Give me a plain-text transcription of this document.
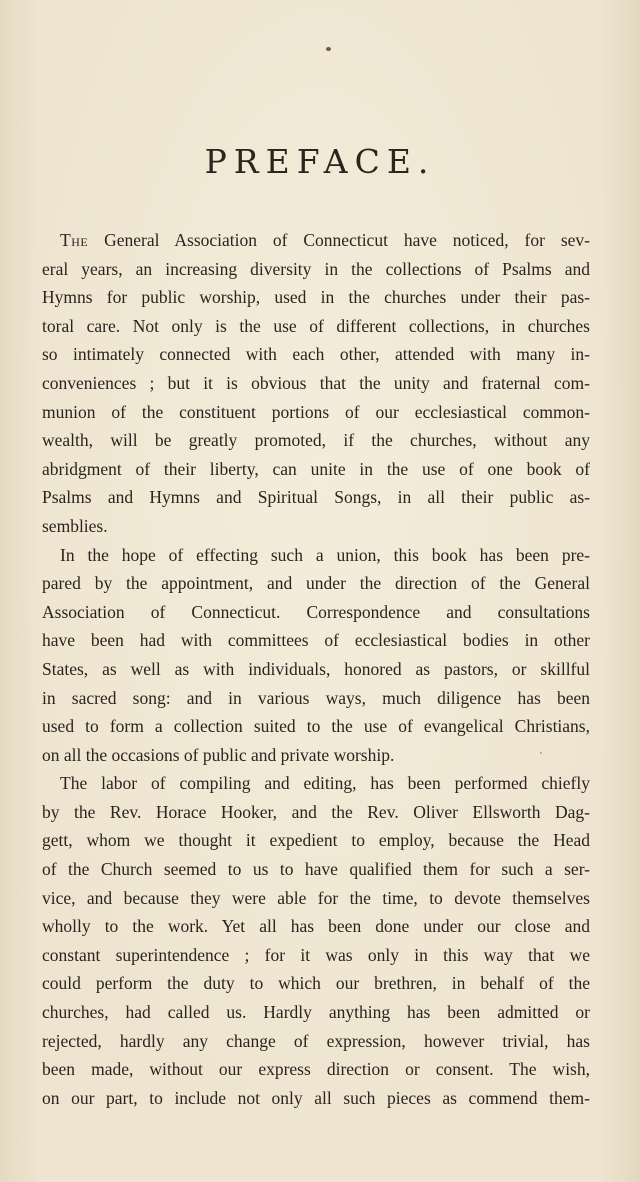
PREFACE.
The General Association of Connecticut have noticed, for sev-
eral years, an increasing diversity in the collections of Psalms and
Hymns for public worship, used in the churches under their pas-
toral care. Not only is the use of different collections, in churches
so intimately connected with each other, attended with many in-
conveniences ; but it is obvious that the unity and fraternal com-
munion of the constituent portions of our ecclesiastical common-
wealth, will be greatly promoted, if the churches, without any
abridgment of their liberty, can unite in the use of one book of
Psalms and Hymns and Spiritual Songs, in all their public as-
semblies.
In the hope of effecting such a union, this book has been pre-
pared by the appointment, and under the direction of the General
Association of Connecticut. Correspondence and consultations
have been had with committees of ecclesiastical bodies in other
States, as well as with individuals, honored as pastors, or skillful
in sacred song: and in various ways, much diligence has been
used to form a collection suited to the use of evangelical Christians,
on all the occasions of public and private worship.
The labor of compiling and editing, has been performed chiefly
by the Rev. Horace Hooker, and the Rev. Oliver Ellsworth Dag-
gett, whom we thought it expedient to employ, because the Head
of the Church seemed to us to have qualified them for such a ser-
vice, and because they were able for the time, to devote themselves
wholly to the work. Yet all has been done under our close and
constant superintendence ; for it was only in this way that we
could perform the duty to which our brethren, in behalf of the
churches, had called us. Hardly anything has been admitted or
rejected, hardly any change of expression, however trivial, has
been made, without our express direction or consent. The wish,
on our part, to include not only all such pieces as commend them-
